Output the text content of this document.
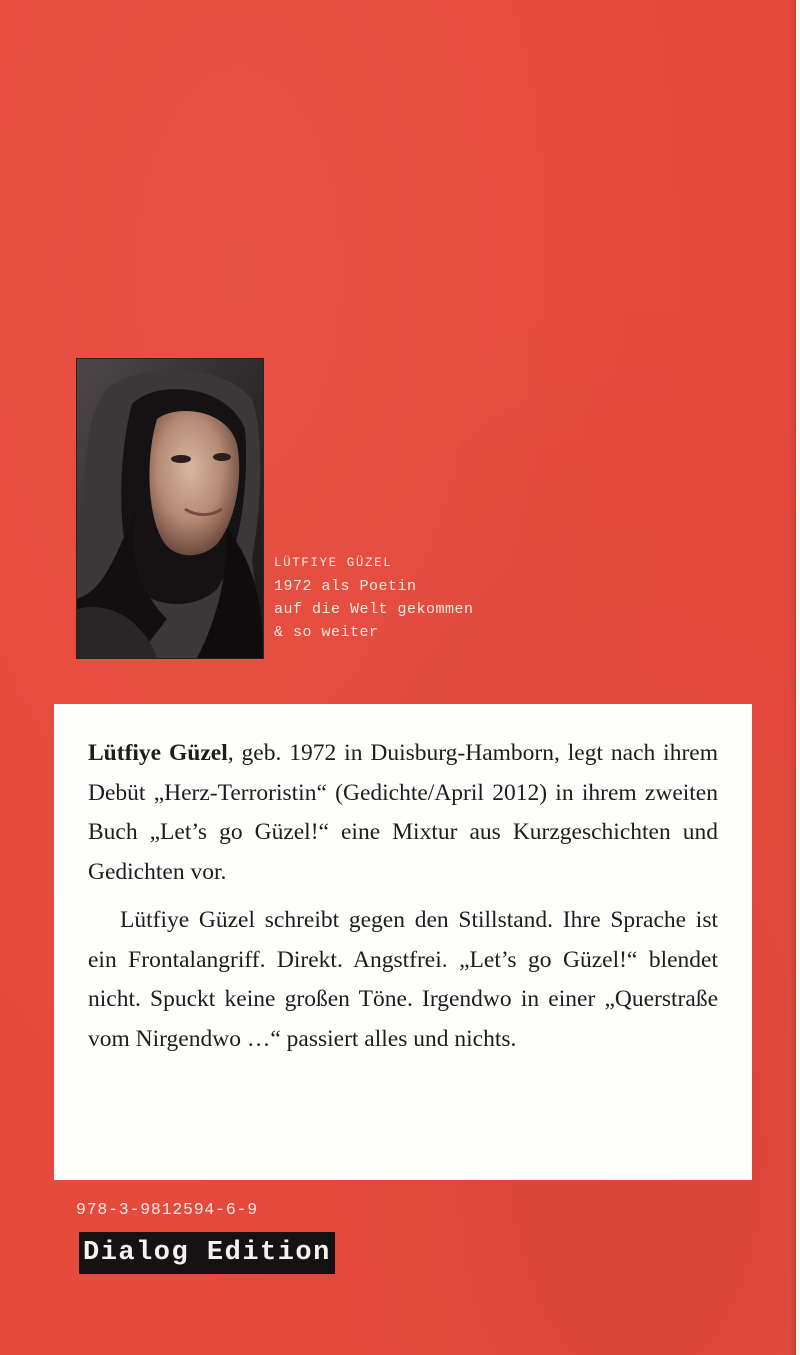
LÜTFIYE GÜZEL
1972 als Poetin
auf die Welt gekommen
& so weiter

Lütfiye Güzel, geb. 1972 in Duisburg-Hamborn, legt nach ihrem Debüt „Herz-Terroristin“ (Gedichte/April 2012) in ihrem zweiten Buch „Let’s go Güzel!“ eine Mixtur aus Kurzgeschichten und Gedichten vor.

Lütfiye Güzel schreibt gegen den Stillstand. Ihre Sprache ist ein Frontalangriff. Direkt. Angstfrei. „Let’s go Güzel!“ blendet nicht. Spuckt keine großen Töne. Irgendwo in einer „Querstraße vom Nirgendwo …“ passiert alles und nichts.

978-3-9812594-6-9
Dialog Edition
